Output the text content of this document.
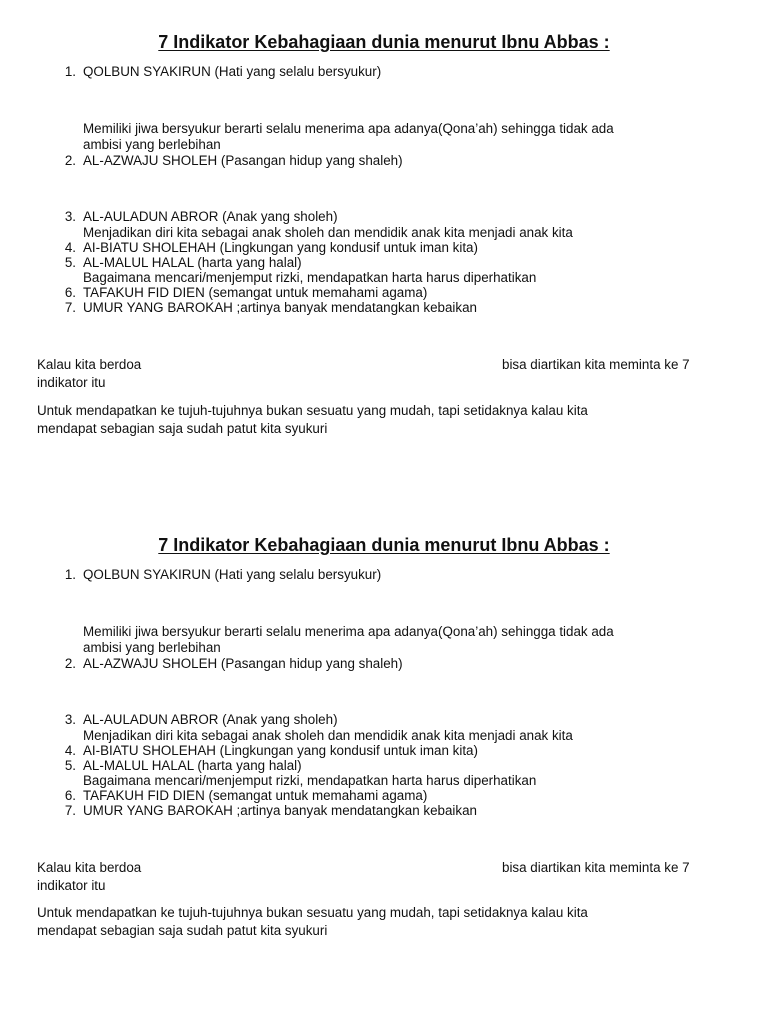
7 Indikator Kebahagiaan dunia menurut Ibnu Abbas :
1. QOLBUN SYAKIRUN (Hati yang selalu bersyukur)
Memiliki jiwa bersyukur berarti selalu menerima apa adanya(Qona’ah) sehingga tidak ada
ambisi yang berlebihan
2. AL-AZWAJU SHOLEH (Pasangan hidup yang shaleh)
3. AL-AULADUN ABROR (Anak yang sholeh)
Menjadikan diri kita sebagai anak sholeh dan mendidik anak kita menjadi anak kita
4. AI-BIATU SHOLEHAH (Lingkungan yang kondusif untuk iman kita)
5. AL-MALUL HALAL (harta yang halal)
Bagaimana mencari/menjemput rizki, mendapatkan harta harus diperhatikan
6. TAFAKUH FID DIEN (semangat untuk memahami agama)
7. UMUR YANG BAROKAH ;artinya banyak mendatangkan kebaikan
Kalau kita berdoa	bisa diartikan kita meminta ke 7
indikator itu
Untuk mendapatkan ke tujuh-tujuhnya bukan sesuatu yang mudah, tapi setidaknya kalau kita
mendapat sebagian saja sudah patut kita syukuri
7 Indikator Kebahagiaan dunia menurut Ibnu Abbas :
1. QOLBUN SYAKIRUN (Hati yang selalu bersyukur)
Memiliki jiwa bersyukur berarti selalu menerima apa adanya(Qona’ah) sehingga tidak ada
ambisi yang berlebihan
2. AL-AZWAJU SHOLEH (Pasangan hidup yang shaleh)
3. AL-AULADUN ABROR (Anak yang sholeh)
Menjadikan diri kita sebagai anak sholeh dan mendidik anak kita menjadi anak kita
4. AI-BIATU SHOLEHAH (Lingkungan yang kondusif untuk iman kita)
5. AL-MALUL HALAL (harta yang halal)
Bagaimana mencari/menjemput rizki, mendapatkan harta harus diperhatikan
6. TAFAKUH FID DIEN (semangat untuk memahami agama)
7. UMUR YANG BAROKAH ;artinya banyak mendatangkan kebaikan
Kalau kita berdoa	bisa diartikan kita meminta ke 7
indikator itu
Untuk mendapatkan ke tujuh-tujuhnya bukan sesuatu yang mudah, tapi setidaknya kalau kita
mendapat sebagian saja sudah patut kita syukuri
